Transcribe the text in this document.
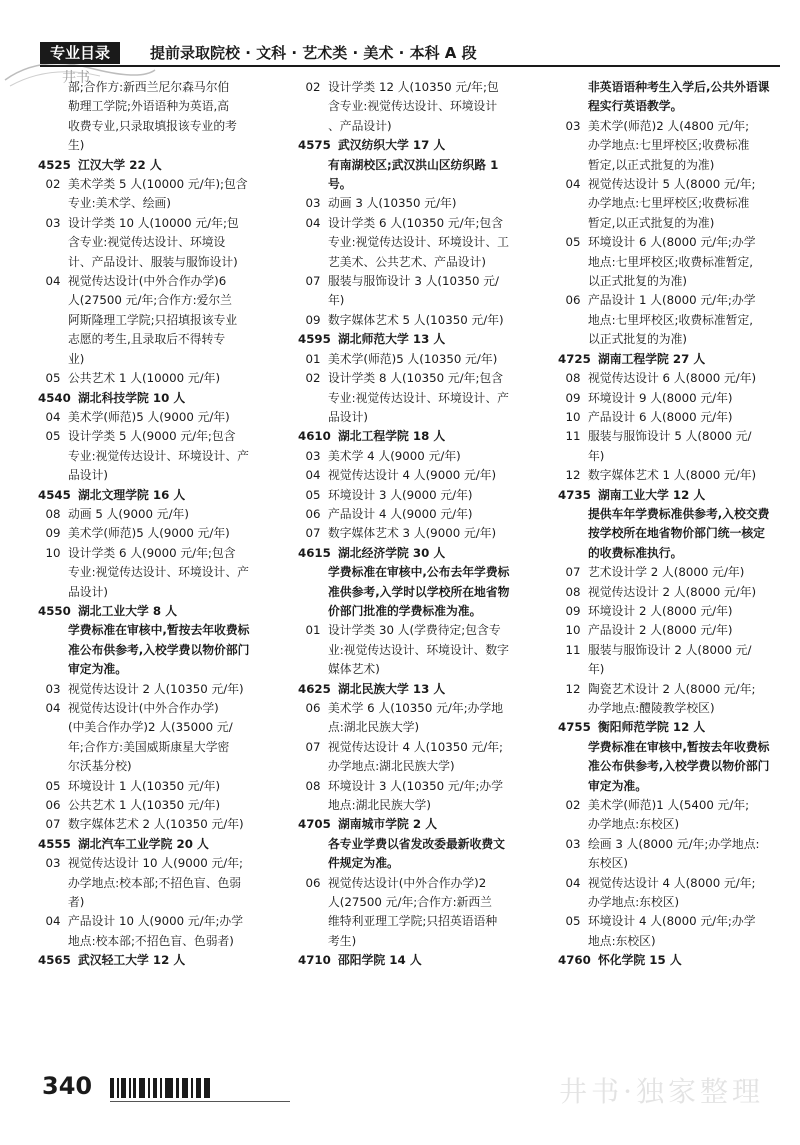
井书
专业目录	提前录取院校 · 文科 · 艺术类 · 美术 · 本科 A 段
部;合作方:新西兰尼尔森马尔伯
勒理工学院;外语语种为英语,高
收费专业,只录取填报该专业的考
生)
4525 江汉大学 22 人
02 美术学类 5 人(10000 元/年);包含
专业:美术学、绘画)
03 设计学类 10 人(10000 元/年;包
含专业:视觉传达设计、环境设
计、产品设计、服装与服饰设计)
04 视觉传达设计(中外合作办学)6
人(27500 元/年;合作方:爱尔兰
阿斯隆理工学院;只招填报该专业
志愿的考生,且录取后不得转专
业)
05 公共艺术 1 人(10000 元/年)
4540 湖北科技学院 10 人
04 美术学(师范)5 人(9000 元/年)
05 设计学类 5 人(9000 元/年;包含
专业:视觉传达设计、环境设计、产
品设计)
4545 湖北文理学院 16 人
08 动画 5 人(9000 元/年)
09 美术学(师范)5 人(9000 元/年)
10 设计学类 6 人(9000 元/年;包含
专业:视觉传达设计、环境设计、产
品设计)
4550 湖北工业大学 8 人
学费标准在审核中,暂按去年收费标
准公布供参考,入校学费以物价部门
审定为准。
03 视觉传达设计 2 人(10350 元/年)
04 视觉传达设计(中外合作办学)
(中美合作办学)2 人(35000 元/
年;合作方:美国威斯康星大学密
尔沃基分校)
05 环境设计 1 人(10350 元/年)
06 公共艺术 1 人(10350 元/年)
07 数字媒体艺术 2 人(10350 元/年)
4555 湖北汽车工业学院 20 人
03 视觉传达设计 10 人(9000 元/年;
办学地点:校本部;不招色盲、色弱
者)
04 产品设计 10 人(9000 元/年;办学
地点:校本部;不招色盲、色弱者)
4565 武汉轻工大学 12 人
02 设计学类 12 人(10350 元/年;包
含专业:视觉传达设计、环境设计
、产品设计)
4575 武汉纺织大学 17 人
有南湖校区;武汉洪山区纺织路 1
号。
03 动画 3 人(10350 元/年)
04 设计学类 6 人(10350 元/年;包含
专业:视觉传达设计、环境设计、工
艺美术、公共艺术、产品设计)
07 服装与服饰设计 3 人(10350 元/
年)
09 数字媒体艺术 5 人(10350 元/年)
4595 湖北师范大学 13 人
01 美术学(师范)5 人(10350 元/年)
02 设计学类 8 人(10350 元/年;包含
专业:视觉传达设计、环境设计、产
品设计)
4610 湖北工程学院 18 人
03 美术学 4 人(9000 元/年)
04 视觉传达设计 4 人(9000 元/年)
05 环境设计 3 人(9000 元/年)
06 产品设计 4 人(9000 元/年)
07 数字媒体艺术 3 人(9000 元/年)
4615 湖北经济学院 30 人
学费标准在审核中,公布去年学费标
准供参考,入学时以学校所在地省物
价部门批准的学费标准为准。
01 设计学类 30 人(学费待定;包含专
业:视觉传达设计、环境设计、数字
媒体艺术)
4625 湖北民族大学 13 人
06 美术学 6 人(10350 元/年;办学地
点:湖北民族大学)
07 视觉传达设计 4 人(10350 元/年;
办学地点:湖北民族大学)
08 环境设计 3 人(10350 元/年;办学
地点:湖北民族大学)
4705 湖南城市学院 2 人
各专业学费以省发改委最新收费文
件规定为准。
06 视觉传达设计(中外合作办学)2
人(27500 元/年;合作方:新西兰
维特利亚理工学院;只招英语语种
考生)
4710 邵阳学院 14 人
非英语语种考生入学后,公共外语课
程实行英语教学。
03 美术学(师范)2 人(4800 元/年;
办学地点:七里坪校区;收费标准
暂定,以正式批复的为准)
04 视觉传达设计 5 人(8000 元/年;
办学地点:七里坪校区;收费标准
暂定,以正式批复的为准)
05 环境设计 6 人(8000 元/年;办学
地点:七里坪校区;收费标准暂定,
以正式批复的为准)
06 产品设计 1 人(8000 元/年;办学
地点:七里坪校区;收费标准暂定,
以正式批复的为准)
4725 湖南工程学院 27 人
08 视觉传达设计 6 人(8000 元/年)
09 环境设计 9 人(8000 元/年)
10 产品设计 6 人(8000 元/年)
11 服装与服饰设计 5 人(8000 元/
年)
12 数字媒体艺术 1 人(8000 元/年)
4735 湖南工业大学 12 人
提供车年学费标准供参考,入校交费
按学校所在地省物价部门统一核定
的收费标准执行。
07 艺术设计学 2 人(8000 元/年)
08 视觉传达设计 2 人(8000 元/年)
09 环境设计 2 人(8000 元/年)
10 产品设计 2 人(8000 元/年)
11 服装与服饰设计 2 人(8000 元/
年)
12 陶瓷艺术设计 2 人(8000 元/年;
办学地点:醴陵教学校区)
4755 衡阳师范学院 12 人
学费标准在审核中,暂按去年收费标
准公布供参考,入校学费以物价部门
审定为准。
02 美术学(师范)1 人(5400 元/年;
办学地点:东校区)
03 绘画 3 人(8000 元/年;办学地点:
东校区)
04 视觉传达设计 4 人(8000 元/年;
办学地点:东校区)
05 环境设计 4 人(8000 元/年;办学
地点:东校区)
4760 怀化学院 15 人
340	井书·独家整理
